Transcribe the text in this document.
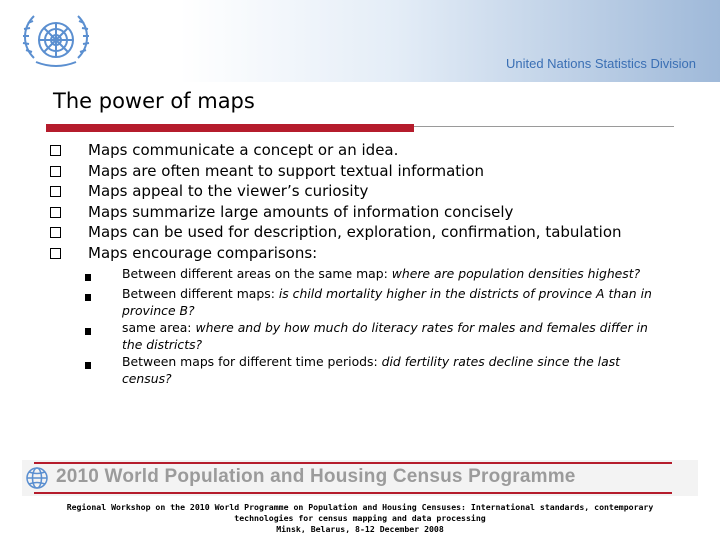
United Nations Statistics Division
The power of maps
Maps communicate a concept or an idea.
Maps are often meant to support textual information
Maps appeal to the viewer’s curiosity
Maps summarize large amounts of information concisely
Maps can be used for description, exploration, confirmation, tabulation
Maps encourage comparisons:
Between different areas on the same map: where are population densities highest?
Between different maps: is child mortality higher in the districts of province A than in province B?
same area: where and by how much do literacy rates for males and females differ in the districts?
Between maps for different time periods: did fertility rates decline since the last census?
2010 World Population and Housing Census Programme
Regional Workshop on the 2010 World Programme on Population and Housing Censuses: International standards, contemporary
technologies for census mapping and data processing
Minsk, Belarus, 8-12 December 2008
